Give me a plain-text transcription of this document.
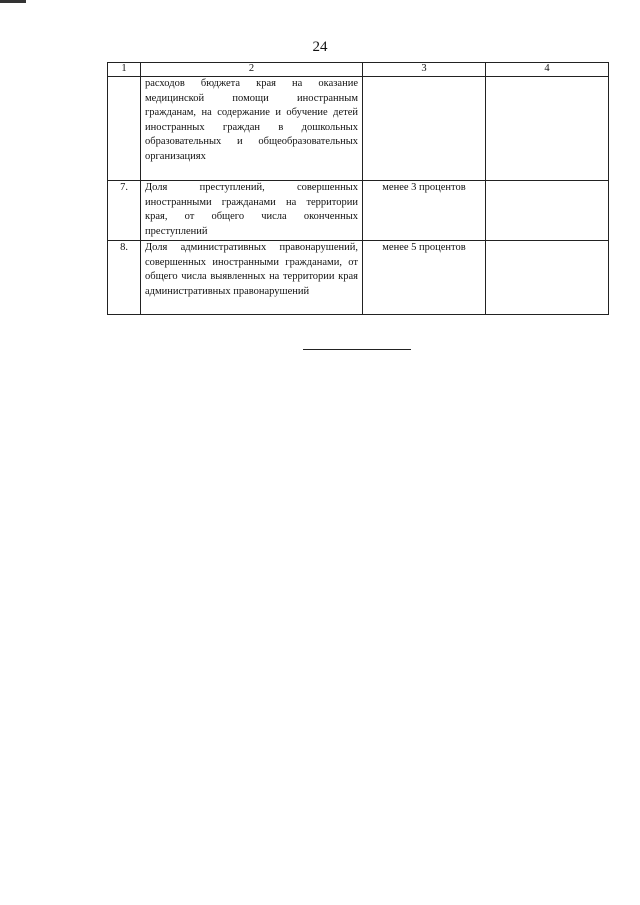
24
1	2	3	4
	расходов бюджета края на оказание медицинской помощи иностранным гражданам, на содержание и обучение детей иностранных граждан в дошкольных образовательных и общеобразовательных организациях		
7.	Доля преступлений, совершенных иностранными гражданами на территории края, от общего числа оконченных преступлений	менее 3 процентов	
8.	Доля административных правонарушений, совершенных иностранными гражданами, от общего числа выявленных на территории края административных правонарушений	менее 5 процентов	
